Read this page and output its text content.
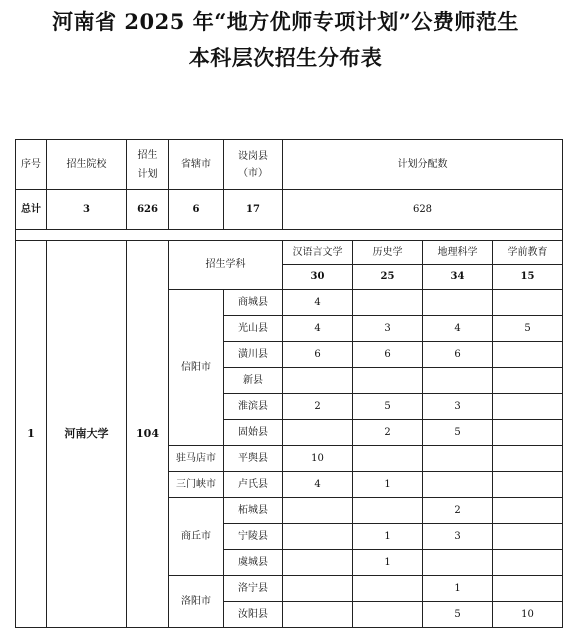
河南省 2025 年“地方优师专项计划”公费师范生
本科层次招生分布表
序号	招生院校	招生计划	省辖市	设岗县（市）	计划分配数			
总计	3	626	6	17	628			

1	河南大学	104	招生学科		汉语言文学	历史学	地理科学	学前教育
					30	25	34	15
			信阳市	商城县	4			
				光山县	4	3	4	5
				潢川县	6	6	6	
				新县				
				淮滨县	2	5	3	
				固始县		2	5	
			驻马店市	平舆县	10			
			三门峡市	卢氏县	4	1		
			商丘市	柘城县			2	
				宁陵县		1	3	
				虞城县		1		
			洛阳市	洛宁县			1	
				汝阳县			5	10
